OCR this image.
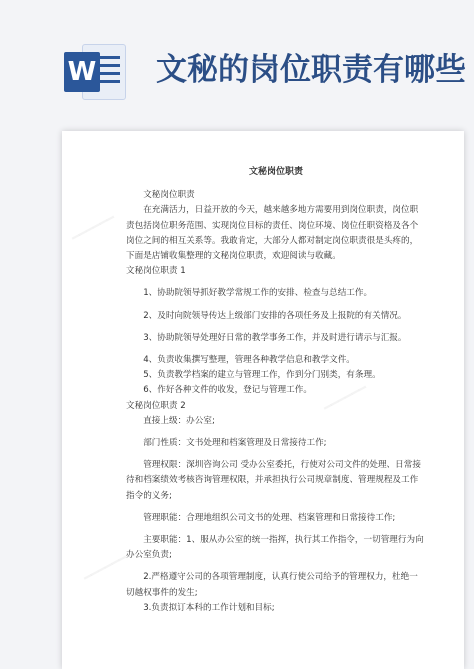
W 文秘的岗位职责有哪些
━━━━━━
━━━━━━
━━━━━━
文秘岗位职责

文秘岗位职责

在充满活力，日益开放的今天，越来越多地方需要用到岗位职责，岗位职责包括岗位职务范围、实现岗位目标的责任、岗位环境、岗位任职资格及各个岗位之间的相互关系等。我敢肯定，大部分人都对制定岗位职责很是头疼的，下面是店铺收集整理的文秘岗位职责，欢迎阅读与收藏。

文秘岗位职责 1

1、协助院领导抓好教学常规工作的安排、检查与总结工作。

2、及时向院领导传达上级部门安排的各项任务及上报院的有关情况。

3、协助院领导处理好日常的教学事务工作，并及时进行请示与汇报。

4、负责收集撰写整理，管理各种教学信息和教学文件。

5、负责教学档案的建立与管理工作，作到分门别类，有条理。

6、作好各种文件的收发，登记与管理工作。

文秘岗位职责 2

直接上级：办公室;

部门性质：文书处理和档案管理及日常接待工作;

管理权限：深圳咨询公司 受办公室委托，行使对公司文件的处理、日常接待和档案绩效考核咨询管理权限，并承担执行公司规章制度、管理规程及工作指令的义务;

管理职能：合理地组织公司文书的处理、档案管理和日常接待工作;

主要职能：1、服从办公室的统一指挥，执行其工作指令，一切管理行为向办公室负责;

2.严格遵守公司的各项管理制度，认真行使公司给予的管理权力，杜绝一切越权事件的发生;

3.负责拟订本科的工作计划和目标;
